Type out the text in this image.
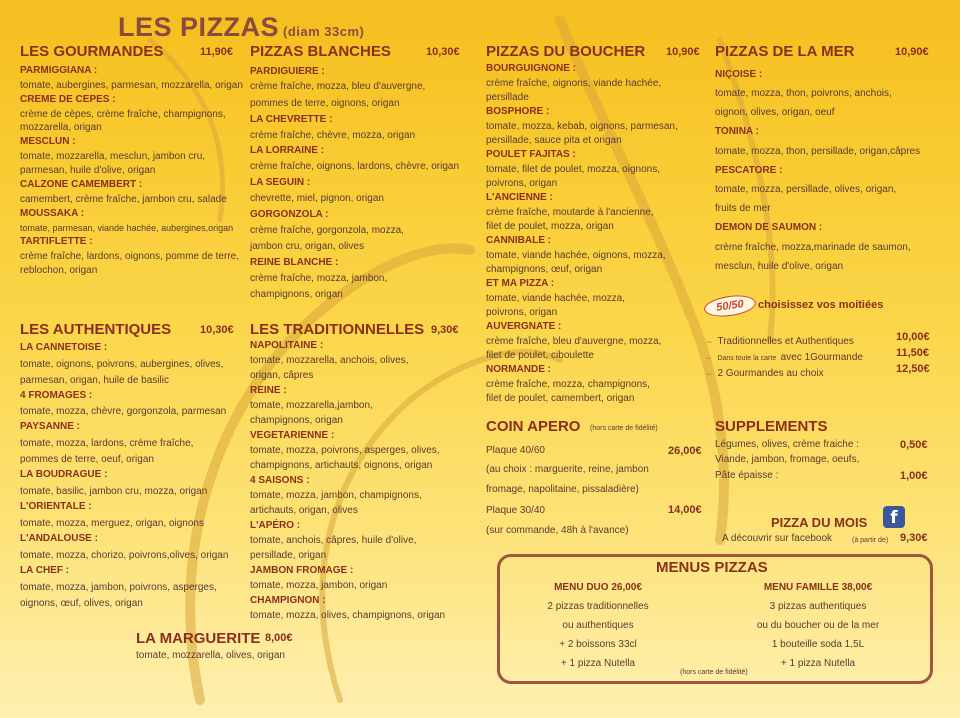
LES PIZZAS (diam 33cm)
LES GOURMANDES	11,90€
PARMIGGIANA :
tomate, aubergines, parmesan, mozzarella, origan
CREME DE CEPES :
crème de cèpes, crème fraîche, champignons,
mozzarella, origan
MESCLUN :
tomate, mozzarella, mesclun, jambon cru,
parmesan, huile d'olive, origan
CALZONE CAMEMBERT :
camembert, crème fraîche, jambon cru, salade
MOUSSAKA :
tomate, parmesan, viande hachée, aubergines,origan
TARTIFLETTE :
crème fraîche, lardons, oignons, pomme de terre,
reblochon, origan
PIZZAS BLANCHES	10,30€
PARDIGUIERE :
crème fraîche, mozza, bleu d'auvergne,
pommes de terre, oignons, origan
LA CHEVRETTE :
crème fraîche, chèvre, mozza, origan
LA LORRAINE :
crème fraîche, oignons, lardons, chèvre, origan
LA SEGUIN :
chevrette, miel, pignon, origan
GORGONZOLA :
crème fraîche, gorgonzola, mozza,
jambon cru, origan, olives
REINE BLANCHE :
crème fraîche, mozza, jambon,
champignons, origan
PIZZAS DU BOUCHER 10,90€
BOURGUIGNONE :
crème fraîche, oignons, viande hachée,
persillade
BOSPHORE :
tomate, mozza, kebab, oignons, parmesan,
persillade, sauce pita et origan
POULET FAJITAS :
tomate, filet de poulet, mozza, oignons,
poivrons, origan
L'ANCIENNE :
crème fraîche, moutarde à l'ancienne,
filet de poulet, mozza, origan
CANNIBALE :
tomate, viande hachée, oignons, mozza,
champignons, œuf, origan
ET MA PIZZA :
tomate, viande hachée, mozza,
poivrons, origan
AUVERGNATE :
crème fraîche, bleu d'auvergne, mozza,
filet de poulet, ciboulette
NORMANDE :
crème fraîche, mozza, champignons,
filet de poulet, camembert, origan
PIZZAS DE LA MER	10,90€
NIÇOISE :
tomate, mozza, thon, poivrons, anchois,
oignon, olives, origan, oeuf
TONINA :
tomate, mozza, thon, persillade, origan,câpres
PESCATORE :
tomate, mozza, persillade, olives, origan,
fruits de mer
DEMON DE SAUMON :
crème fraîche, mozza,marinade de saumon,
mesclun, huile d'olive, origan
50/50	choisissez vos moitiées
⇔ Traditionnelles et Authentiques	10,00€
⇔ Dans toute la carte avec 1Gourmande	11,50€
⇔ 2 Gourmandes au choix	12,50€
LES AUTHENTIQUES	10,30€
LA CANNETOISE :
tomate, oignons, poivrons, aubergines, olives,
parmesan, origan, huile de basilic
4 FROMAGES :
tomate, mozza, chèvre, gorgonzola, parmesan
PAYSANNE :
tomate, mozza, lardons, crème fraîche,
pommes de terre, oeuf, origan
LA BOUDRAGUE :
tomate, basilic, jambon cru, mozza, origan
L'ORIENTALE :
tomate, mozza, merguez, origan, oignons
L'ANDALOUSE :
tomate, mozza, chorizo, poivrons,olives, origan
LA CHEF :
tomate, mozza, jambon, poivrons, asperges,
oignons, œuf, olives, origan
LES TRADITIONNELLES 9,30€
NAPOLITAINE :
tomate, mozzarella, anchois, olives,
origan, câpres
REINE :
tomate, mozzarella,jambon,
champignons, origan
VEGETARIENNE :
tomate, mozza, poivrons, asperges, olives,
champignons, artichauts, oignons, origan
4 SAISONS :
tomate, mozza, jambon, champignons,
artichauts, origan, olives
L'APÉRO :
tomate, anchois, câpres, huile d'olive,
persillade, origan
JAMBON FROMAGE :
tomate, mozza, jambon, origan
CHAMPIGNON :
tomate, mozza, olives, champignons, origan
LA MARGUERITE 8,00€
tomate, mozzarella, olives, origan
COIN APERO (hors carte de fidélité)
Plaque 40/60	26,00€
(au choix : marguerite, reine, jambon
fromage, napolitaine, pissaladière)
Plaque 30/40	14,00€
(sur commande, 48h à l'avance)
SUPPLEMENTS
Légumes, olives, crème fraiche :	0,50€
Viande, jambon, fromage, oeufs,
Pâte épaisse :	1,00€
PIZZA DU MOIS	f
A découvrir sur facebook	(à partir de) 9,30€
MENUS PIZZAS
MENU DUO 26,00€
2 pizzas traditionnelles
ou authentiques
+ 2 boissons 33cl
+ 1 pizza Nutella
MENU FAMILLE 38,00€
3 pizzas authentiques
ou du boucher ou de la mer
1 bouteille soda 1,5L
+ 1 pizza Nutella
(hors carte de fidélité)
